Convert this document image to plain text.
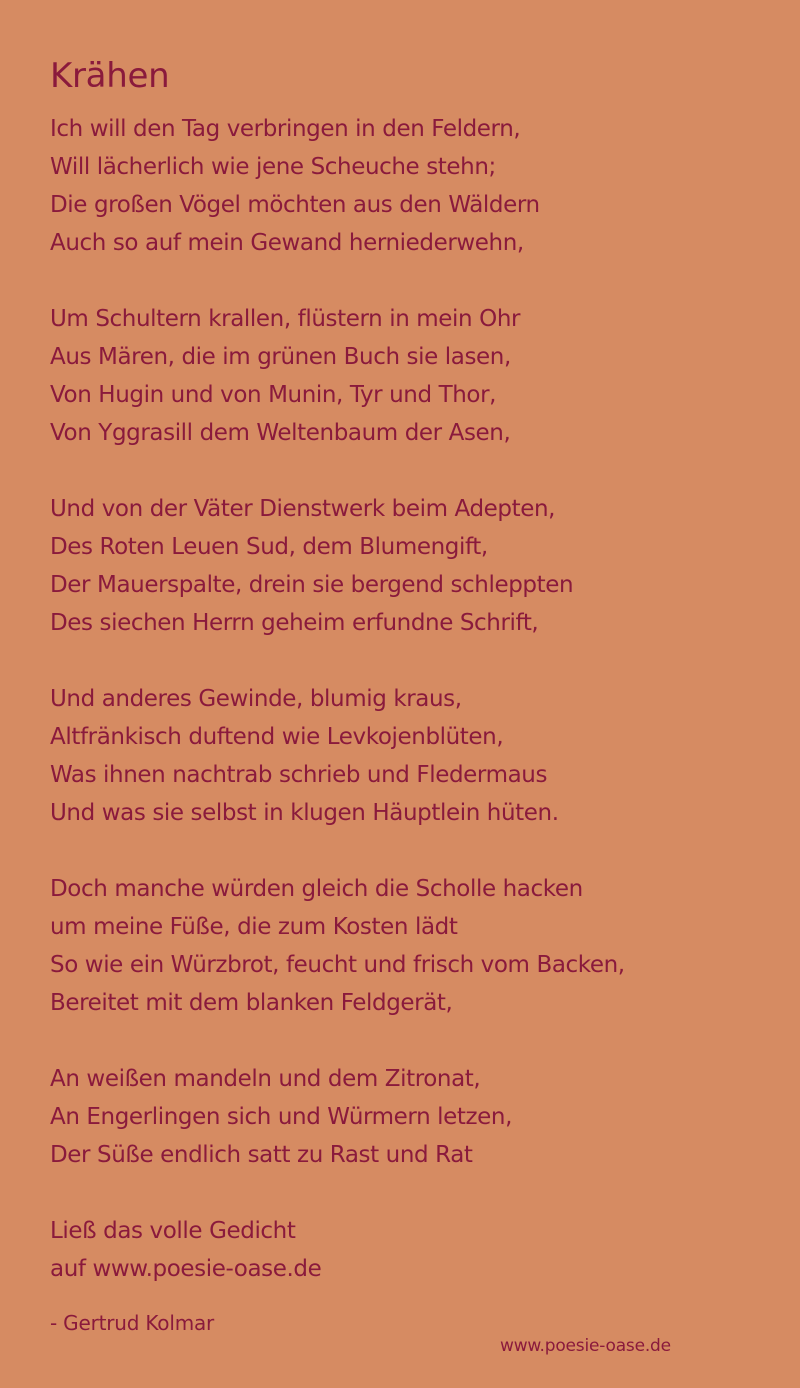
Krähen
Ich will den Tag verbringen in den Feldern,
Will lächerlich wie jene Scheuche stehn;
Die großen Vögel möchten aus den Wäldern
Auch so auf mein Gewand herniederwehn,
Um Schultern krallen, flüstern in mein Ohr
Aus Mären, die im grünen Buch sie lasen,
Von Hugin und von Munin, Tyr und Thor,
Von Yggrasill dem Weltenbaum der Asen,
Und von der Väter Dienstwerk beim Adepten,
Des Roten Leuen Sud, dem Blumengift,
Der Mauerspalte, drein sie bergend schleppten
Des siechen Herrn geheim erfundne Schrift,
Und anderes Gewinde, blumig kraus,
Altfränkisch duftend wie Levkojenblüten,
Was ihnen nachtrab schrieb und Fledermaus
Und was sie selbst in klugen Häuptlein hüten.
Doch manche würden gleich die Scholle hacken
um meine Füße, die zum Kosten lädt
So wie ein Würzbrot, feucht und frisch vom Backen,
Bereitet mit dem blanken Feldgerät,
An weißen mandeln und dem Zitronat,
An Engerlingen sich und Würmern letzen,
Der Süße endlich satt zu Rast und Rat
Ließ das volle Gedicht
auf www.poesie-oase.de
- Gertrud Kolmar
www.poesie-oase.de
